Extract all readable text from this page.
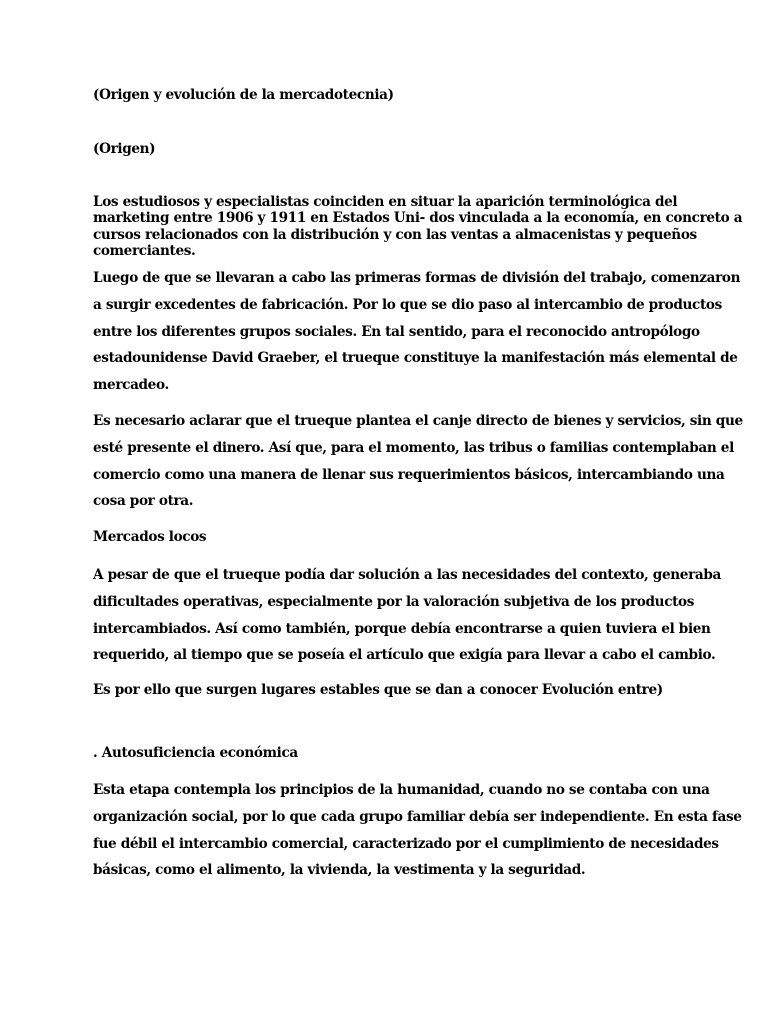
(Origen y evolución de la mercadotecnia)

(Origen)

Los estudiosos y especialistas coinciden en situar la aparición terminológica del
marketing entre 1906 y 1911 en Estados Uni- dos vinculada a la economía, en concreto a
cursos relacionados con la distribución y con las ventas a almacenistas y pequeños
comerciantes.

Luego de que se llevaran a cabo las primeras formas de división del trabajo, comenzaron
a surgir excedentes de fabricación. Por lo que se dio paso al intercambio de productos
entre los diferentes grupos sociales. En tal sentido, para el reconocido antropólogo
estadounidense David Graeber, el trueque constituye la manifestación más elemental de
mercadeo.

Es necesario aclarar que el trueque plantea el canje directo de bienes y servicios, sin que
esté presente el dinero. Así que, para el momento, las tribus o familias contemplaban el
comercio como una manera de llenar sus requerimientos básicos, intercambiando una
cosa por otra.

Mercados locos

A pesar de que el trueque podía dar solución a las necesidades del contexto, generaba
dificultades operativas, especialmente por la valoración subjetiva de los productos
intercambiados. Así como también, porque debía encontrarse a quien tuviera el bien
requerido, al tiempo que se poseía el artículo que exigía para llevar a cabo el cambio.

Es por ello que surgen lugares estables que se dan a conocer Evolución entre)

. Autosuficiencia económica

Esta etapa contempla los principios de la humanidad, cuando no se contaba con una
organización social, por lo que cada grupo familiar debía ser independiente. En esta fase
fue débil el intercambio comercial, caracterizado por el cumplimiento de necesidades
básicas, como el alimento, la vivienda, la vestimenta y la seguridad.
